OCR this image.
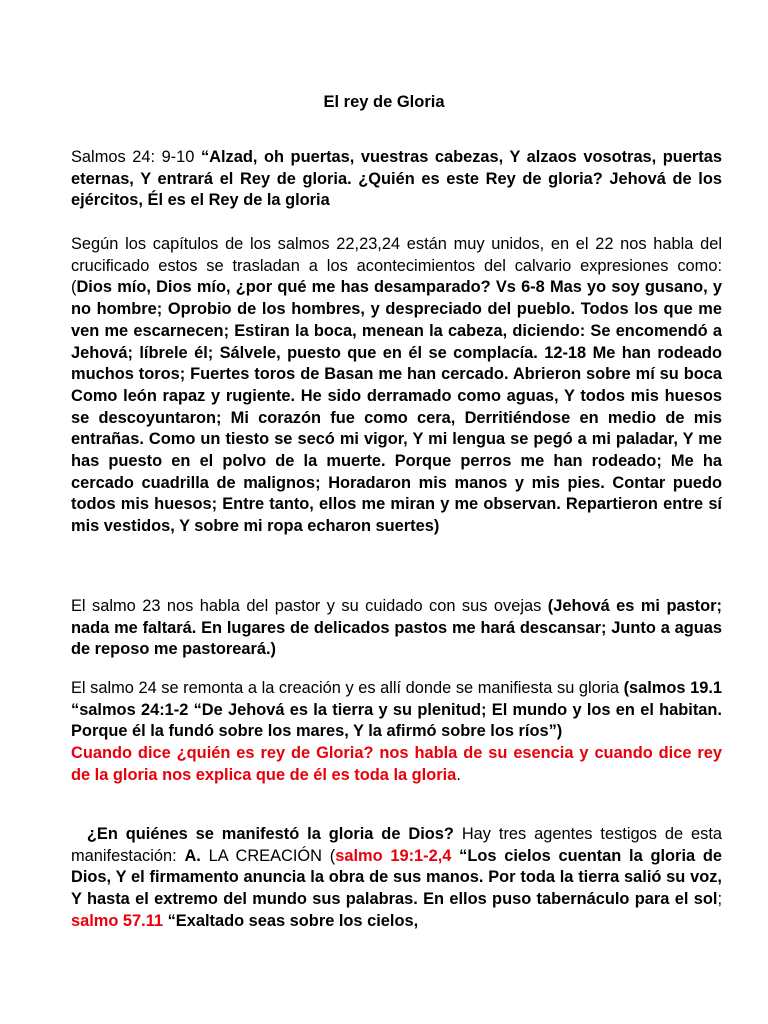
El rey de Gloria

Salmos 24: 9-10 “Alzad, oh puertas, vuestras cabezas, Y alzaos vosotras, puertas eternas, Y entrará el Rey de gloria. ¿Quién es este Rey de gloria? Jehová de los ejércitos, Él es el Rey de la gloria

Según los capítulos de los salmos 22,23,24 están muy unidos, en el 22 nos habla del crucificado estos se trasladan a los acontecimientos del calvario expresiones como: (Dios mío, Dios mío, ¿por qué me has desamparado? Vs 6-8 Mas yo soy gusano, y no hombre; Oprobio de los hombres, y despreciado del pueblo. Todos los que me ven me escarnecen; Estiran la boca, menean la cabeza, diciendo: Se encomendó a Jehová; líbrele él; Sálvele, puesto que en él se complacía. 12-18 Me han rodeado muchos toros; Fuertes toros de Basan me han cercado. Abrieron sobre mí su boca Como león rapaz y rugiente. He sido derramado como aguas, Y todos mis huesos se descoyuntaron; Mi corazón fue como cera, Derritiéndose en medio de mis entrañas. Como un tiesto se secó mi vigor, Y mi lengua se pegó a mi paladar, Y me has puesto en el polvo de la muerte. Porque perros me han rodeado; Me ha cercado cuadrilla de malignos; Horadaron mis manos y mis pies. Contar puedo todos mis huesos; Entre tanto, ellos me miran y me observan. Repartieron entre sí mis vestidos, Y sobre mi ropa echaron suertes)

El salmo 23 nos habla del pastor y su cuidado con sus ovejas (Jehová es mi pastor; nada me faltará. En lugares de delicados pastos me hará descansar; Junto a aguas de reposo me pastoreará.)

El salmo 24 se remonta a la creación y es allí donde se manifiesta su gloria (salmos 19.1 “salmos 24:1-2 “De Jehová es la tierra y su plenitud; El mundo y los en el habitan. Porque él la fundó sobre los mares, Y la afirmó sobre los ríos”)
Cuando dice ¿quién es rey de Gloria? nos habla de su esencia y cuando dice rey de la gloria nos explica que de él es toda la gloria.

¿En quiénes se manifestó la gloria de Dios? Hay tres agentes testigos de esta manifestación: A. LA CREACIÓN (salmo 19:1-2,4 “Los cielos cuentan la gloria de Dios, Y el firmamento anuncia la obra de sus manos. Por toda la tierra salió su voz, Y hasta el extremo del mundo sus palabras. En ellos puso tabernáculo para el sol; salmo 57.11 “Exaltado seas sobre los cielos,
